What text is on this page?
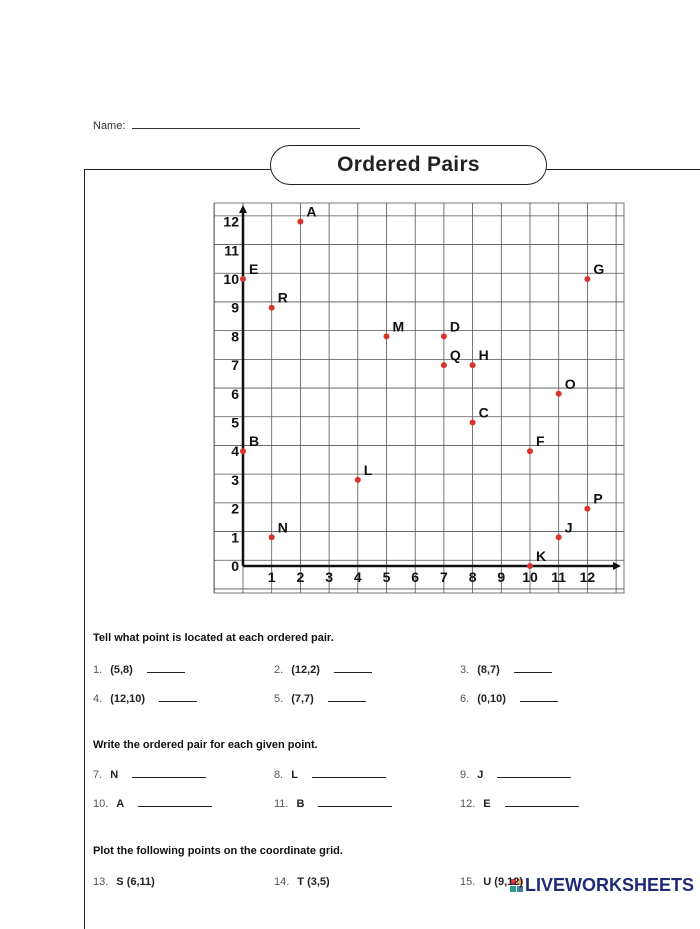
Name:
Ordered Pairs
1 2 3 4 5 6 7 8 9 10 11 12
0
1
2
3
4
5
6
7
8
9
10
11
12
A
B
C
D
E
F
G
H
J
K
L
M
N
O
P
Q
R
Tell what point is located at each ordered pair.
Write the ordered pair for each given point.
Plot the following points on the coordinate grid.
LIVEWORKSHEETS
1. (5,8)	2. (12,2)	3. (8,7)
4. (12,10)	5. (7,7)	6. (0,10)
7. N	8. L	9. J
10. A	11. B	12. E
13. S (6,11)	14. T (3,5)	15. U (9,12)
